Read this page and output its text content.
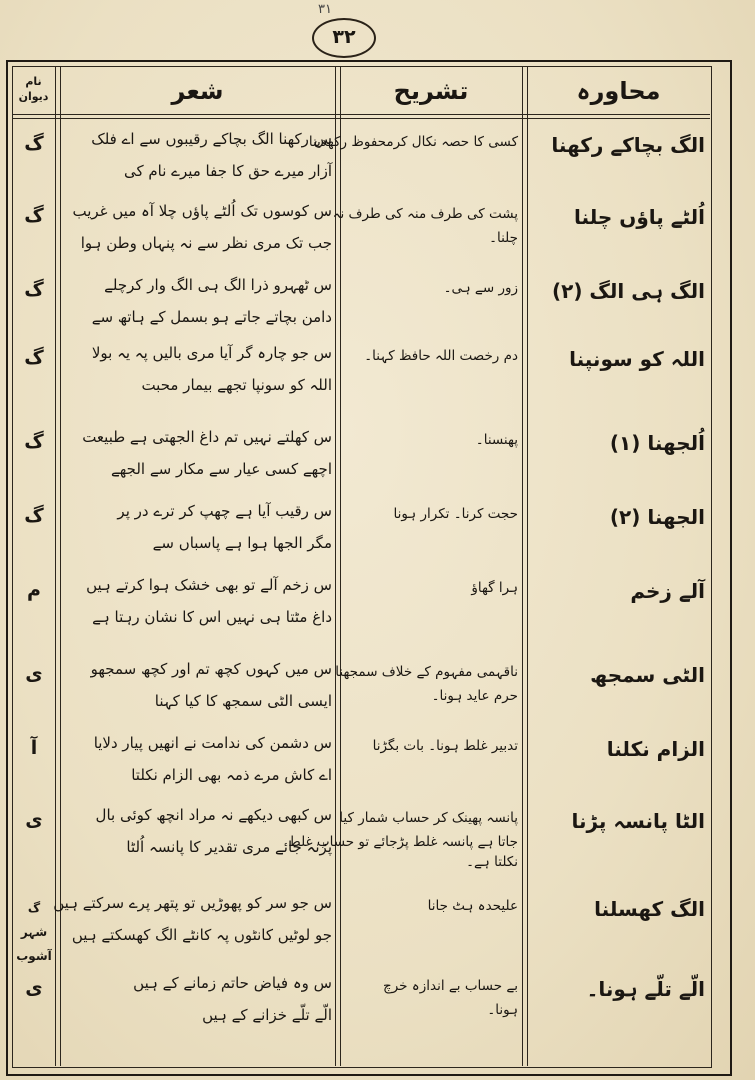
۳۱
۳۲
محاورہ
تشریح
شعر
نام دیوان
الگ بچاکے رکھنا
کسی کا حصہ نکال کرمحفوظ رکھدینا
س رکھنا الگ بچاکے رقیبوں سے اے فلک
آزار میرے حق کا جفا میرے نام کی
گ
اُلٹے پاؤں چلنا
پشت کی طرف منہ کی طرف نہ
چلنا۔
س کوسوں تک اُلٹے پاؤں چلا آہ میں غریب
جب تک مری نظر سے نہ پنہاں وطن ہوا
گ
الگ ہی الگ (۲)
زور سے ہی۔
س ٹھہرو ذرا الگ ہی الگ وار کرچلے
دامن بچاتے جاتے ہو بسمل کے ہاتھ سے
گ
اللہ کو سونپنا
دم رخصت اللہ حافظ کہنا۔
س جو چارہ گر آیا مری بالیں پہ یہ بولا
اللہ کو سونپا تجھے بیمار محبت
گ
اُلجھنا (۱)
پھنسنا۔
س کھلتے نہیں تم داغ الجھتی ہے طبیعت
اچھے کسی عیار سے مکار سے الجھے
گ
الجھنا (۲)
حجت کرنا۔ تکرار ہونا
س رقیب آیا ہے چھپ کر ترے در پر
مگر الجھا ہوا ہے پاسباں سے
گ
آلے زخم
ہرا گھاؤ
س زخم آلے تو بھی خشک ہوا کرتے ہیں
داغ مٹتا ہی نہیں اس کا نشان رہتا ہے
م
الٹی سمجھ
ناقہمی مفہوم کے خلاف سمجھنا
حرم عاید ہونا۔
س میں کہوں کچھ تم اور کچھ سمجھو
ایسی الٹی سمجھ کا کیا کہنا
ی
الزام نکلنا
تدبیر غلط ہونا۔ بات بگڑنا
س دشمن کی ندامت نے انھیں پیار دلایا
اے کاش مرے ذمہ بھی الزام نکلتا
آ
الٹا پانسہ پڑنا
پانسہ پھینک کر حساب شمار کیا
جاتا ہے پانسہ غلط پڑجائے تو حساب غلط
نکلتا ہے۔
س کبھی دیکھے نہ مراد انچھ کوئی بال
پڑنہ جائے مری تقدیر کا پانسہ اُلٹا
ی
الگ کھسلنا
علیحدہ ہٹ جانا
س جو سر کو پھوڑیں تو پتھر پرے سرکتے ہیں
جو لوٹیں کانٹوں پہ کانٹے الگ کھسکتے ہیں
گ شہر آشوب
الّے تلّے ہونا۔
بے حساب بے اندازہ خرچ
ہونا۔
س وہ فیاض حاتم زمانے کے ہیں
الّے تلّے خزانے کے ہیں
ی
